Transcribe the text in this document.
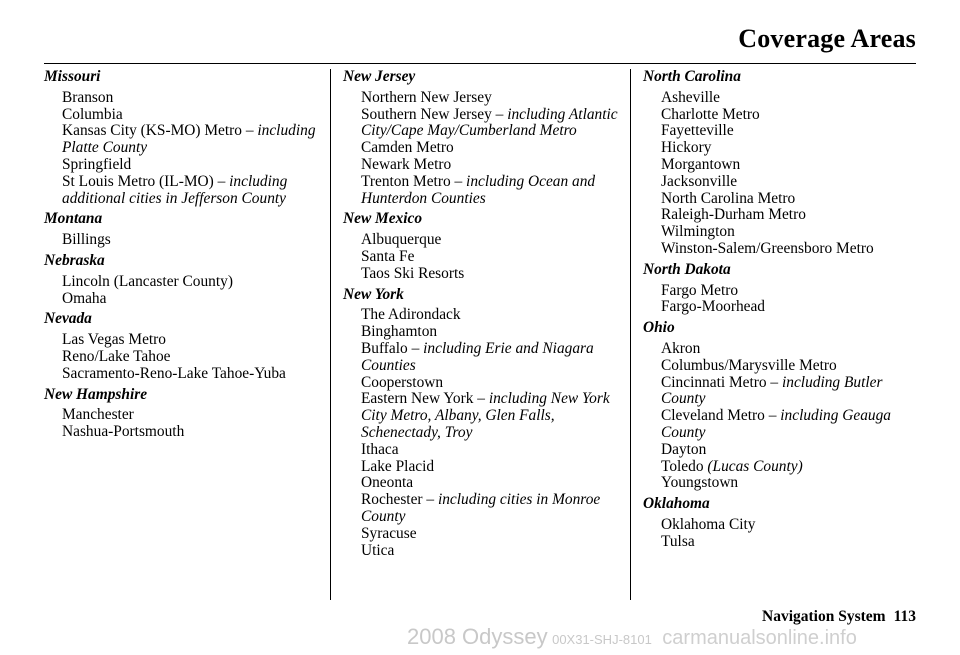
Coverage Areas
Missouri
Branson
Columbia
Kansas City (KS-MO) Metro – including Platte County
Springfield
St Louis Metro (IL-MO) – including additional cities in Jefferson County
Montana
Billings
Nebraska
Lincoln (Lancaster County)
Omaha
Nevada
Las Vegas Metro
Reno/Lake Tahoe
Sacramento-Reno-Lake Tahoe-Yuba
New Hampshire
Manchester
Nashua-Portsmouth
New Jersey
Northern New Jersey
Southern New Jersey – including Atlantic City/Cape May/Cumberland Metro
Camden Metro
Newark Metro
Trenton Metro – including Ocean and Hunterdon Counties
New Mexico
Albuquerque
Santa Fe
Taos Ski Resorts
New York
The Adirondack
Binghamton
Buffalo – including Erie and Niagara Counties
Cooperstown
Eastern New York – including New York City Metro, Albany, Glen Falls, Schenectady, Troy
Ithaca
Lake Placid
Oneonta
Rochester – including cities in Monroe County
Syracuse
Utica
North Carolina
Asheville
Charlotte Metro
Fayetteville
Hickory
Morgantown
Jacksonville
North Carolina Metro
Raleigh-Durham Metro
Wilmington
Winston-Salem/Greensboro Metro
North Dakota
Fargo Metro
Fargo-Moorhead
Ohio
Akron
Columbus/Marysville Metro
Cincinnati Metro – including Butler County
Cleveland Metro – including Geauga County
Dayton
Toledo (Lucas County)
Youngstown
Oklahoma
Oklahoma City
Tulsa
Navigation System 113
2008 Odyssey 00X31-SHJ-8101 carmanualsonline.info
